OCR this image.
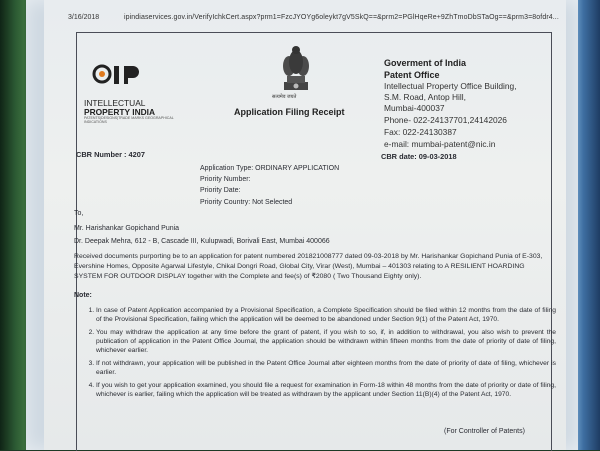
3/16/2018	ipindiaservices.gov.in/VerifyIchkCert.aspx?prm1=FzcJYOYg6oleykt7gV5SkQ==&prm2=PGlHqeRe+9ZhTmoDbSTaOg==&prm3=8ofdr4...
INTELLECTUAL
PROPERTY INDIA
PATENTS|DESIGNS|TRADE MARKS GEOGRAPHICAL INDICATIONS
सत्यमेव जयते
Application Filing Receipt
Goverment of India
Patent Office
Intellectual Property Office Building,
S.M. Road, Antop Hill,
Mumbai-400037
Phone- 022-24137701,24142026
Fax: 022-24130387
e-mail: mumbai-patent@nic.in
CBR Number : 4207	CBR date: 09-03-2018
Application Type: ORDINARY APPLICATION
Priority Number:
Priority Date:
Priority Country: Not Selected
To,
Mr. Harishankar Gopichand Punia
Dr. Deepak Mehra, 612 - B, Cascade III, Kulupwadi, Borivali East, Mumbai 400066
Received documents purporting be to an application for patent numbered 201821008777 dated 09-03-2018 by Mr. Harishankar Gopichand Punia of E-303, Evershine Homes, Opposite Agarwal Lifestyle, Chikal Dongri Road, Global City, Virar (West), Mumbai – 401303 relating to A RESILIENT HOARDING SYSTEM FOR OUTDOOR DISPLAY together with the Complete and fee(s) of ₹2080 ( Two Thousand Eighty only).
Note:
1. In case of Patent Application accompanied by a Provisional Specification, a Complete Specification should be filed within 12 months from the date of filing of the Provisional Specification, failing which the application will be deemed to be abandoned under Section 9(1) of the Patent Act, 1970.
2. You may withdraw the application at any time before the grant of patent, if you wish to so, if, in addition to withdrawal, you also wish to prevent the publication of application in the Patent Office Journal, the application should be withdrawn within fifteen months from the date of priority of date of filing, whichever earlier.
3. If not withdrawn, your application will be published in the Patent Office Journal after eighteen months from the date of priority of date of filing, whichever is earlier.
4. If you wish to get your application examined, you should file a request for examination in Form-18 within 48 months from the date of priority or date of filing, whichever is earlier, failing which the application will be treated as withdrawn by the applicant under Section 11(B)(4) of the Patent Act, 1970.
(For Controller of Patents)
